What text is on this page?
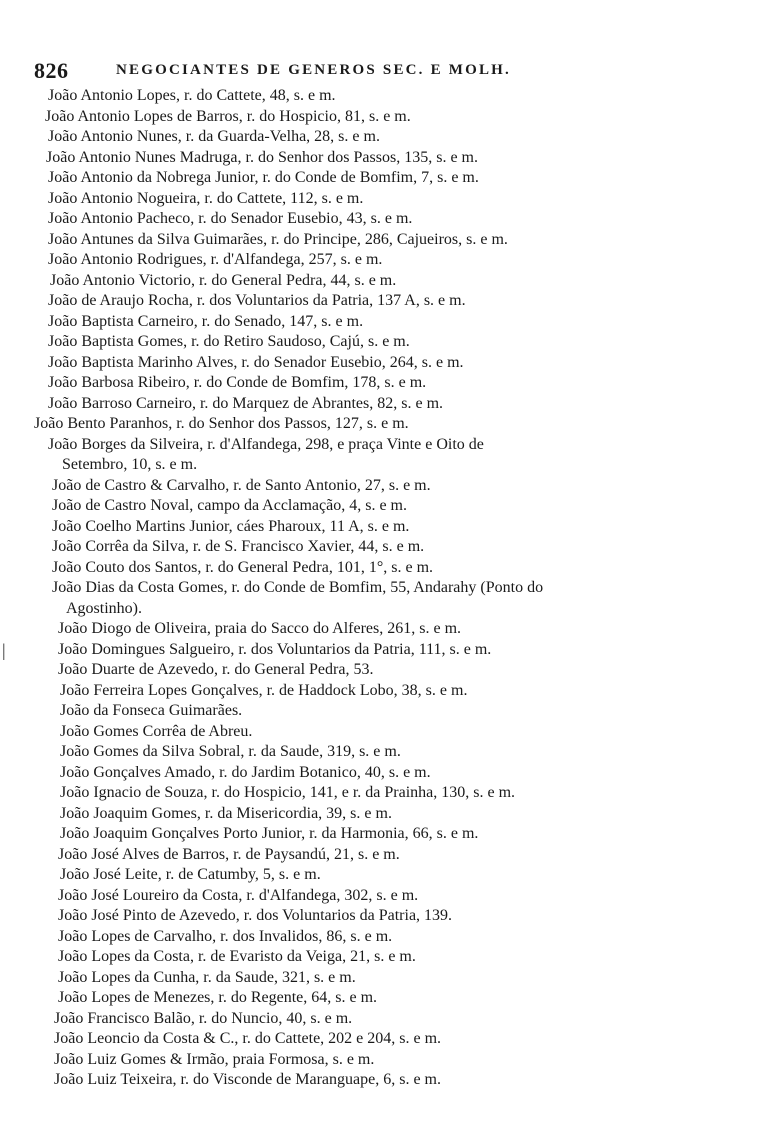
826	NEGOCIANTES DE GENEROS SEC. E MOLH.
|
João Antonio Lopes, r. do Cattete, 48, s. e m.
João Antonio Lopes de Barros, r. do Hospicio, 81, s. e m.
João Antonio Nunes, r. da Guarda-Velha, 28, s. e m.
João Antonio Nunes Madruga, r. do Senhor dos Passos, 135, s. e m.
João Antonio da Nobrega Junior, r. do Conde de Bomfim, 7, s. e m.
João Antonio Nogueira, r. do Cattete, 112, s. e m.
João Antonio Pacheco, r. do Senador Eusebio, 43, s. e m.
João Antunes da Silva Guimarães, r. do Principe, 286, Cajueiros, s. e m.
João Antonio Rodrigues, r. d'Alfandega, 257, s. e m.
João Antonio Victorio, r. do General Pedra, 44, s. e m.
João de Araujo Rocha, r. dos Voluntarios da Patria, 137 A, s. e m.
João Baptista Carneiro, r. do Senado, 147, s. e m.
João Baptista Gomes, r. do Retiro Saudoso, Cajú, s. e m.
João Baptista Marinho Alves, r. do Senador Eusebio, 264, s. e m.
João Barbosa Ribeiro, r. do Conde de Bomfim, 178, s. e m.
João Barroso Carneiro, r. do Marquez de Abrantes, 82, s. e m.
João Bento Paranhos, r. do Senhor dos Passos, 127, s. e m.
João Borges da Silveira, r. d'Alfandega, 298, e praça Vinte e Oito de
Setembro, 10, s. e m.
João de Castro & Carvalho, r. de Santo Antonio, 27, s. e m.
João de Castro Noval, campo da Acclamação, 4, s. e m.
João Coelho Martins Junior, cáes Pharoux, 11 A, s. e m.
João Corrêa da Silva, r. de S. Francisco Xavier, 44, s. e m.
João Couto dos Santos, r. do General Pedra, 101, 1°, s. e m.
João Dias da Costa Gomes, r. do Conde de Bomfim, 55, Andarahy (Ponto do
Agostinho).
João Diogo de Oliveira, praia do Sacco do Alferes, 261, s. e m.
João Domingues Salgueiro, r. dos Voluntarios da Patria, 111, s. e m.
João Duarte de Azevedo, r. do General Pedra, 53.
João Ferreira Lopes Gonçalves, r. de Haddock Lobo, 38, s. e m.
João da Fonseca Guimarães.
João Gomes Corrêa de Abreu.
João Gomes da Silva Sobral, r. da Saude, 319, s. e m.
João Gonçalves Amado, r. do Jardim Botanico, 40, s. e m.
João Ignacio de Souza, r. do Hospicio, 141, e r. da Prainha, 130, s. e m.
João Joaquim Gomes, r. da Misericordia, 39, s. e m.
João Joaquim Gonçalves Porto Junior, r. da Harmonia, 66, s. e m.
João José Alves de Barros, r. de Paysandú, 21, s. e m.
João José Leite, r. de Catumby, 5, s. e m.
João José Loureiro da Costa, r. d'Alfandega, 302, s. e m.
João José Pinto de Azevedo, r. dos Voluntarios da Patria, 139.
João Lopes de Carvalho, r. dos Invalidos, 86, s. e m.
João Lopes da Costa, r. de Evaristo da Veiga, 21, s. e m.
João Lopes da Cunha, r. da Saude, 321, s. e m.
João Lopes de Menezes, r. do Regente, 64, s. e m.
João Francisco Balão, r. do Nuncio, 40, s. e m.
João Leoncio da Costa & C., r. do Cattete, 202 e 204, s. e m.
João Luiz Gomes & Irmão, praia Formosa, s. e m.
João Luiz Teixeira, r. do Visconde de Maranguape, 6, s. e m.
